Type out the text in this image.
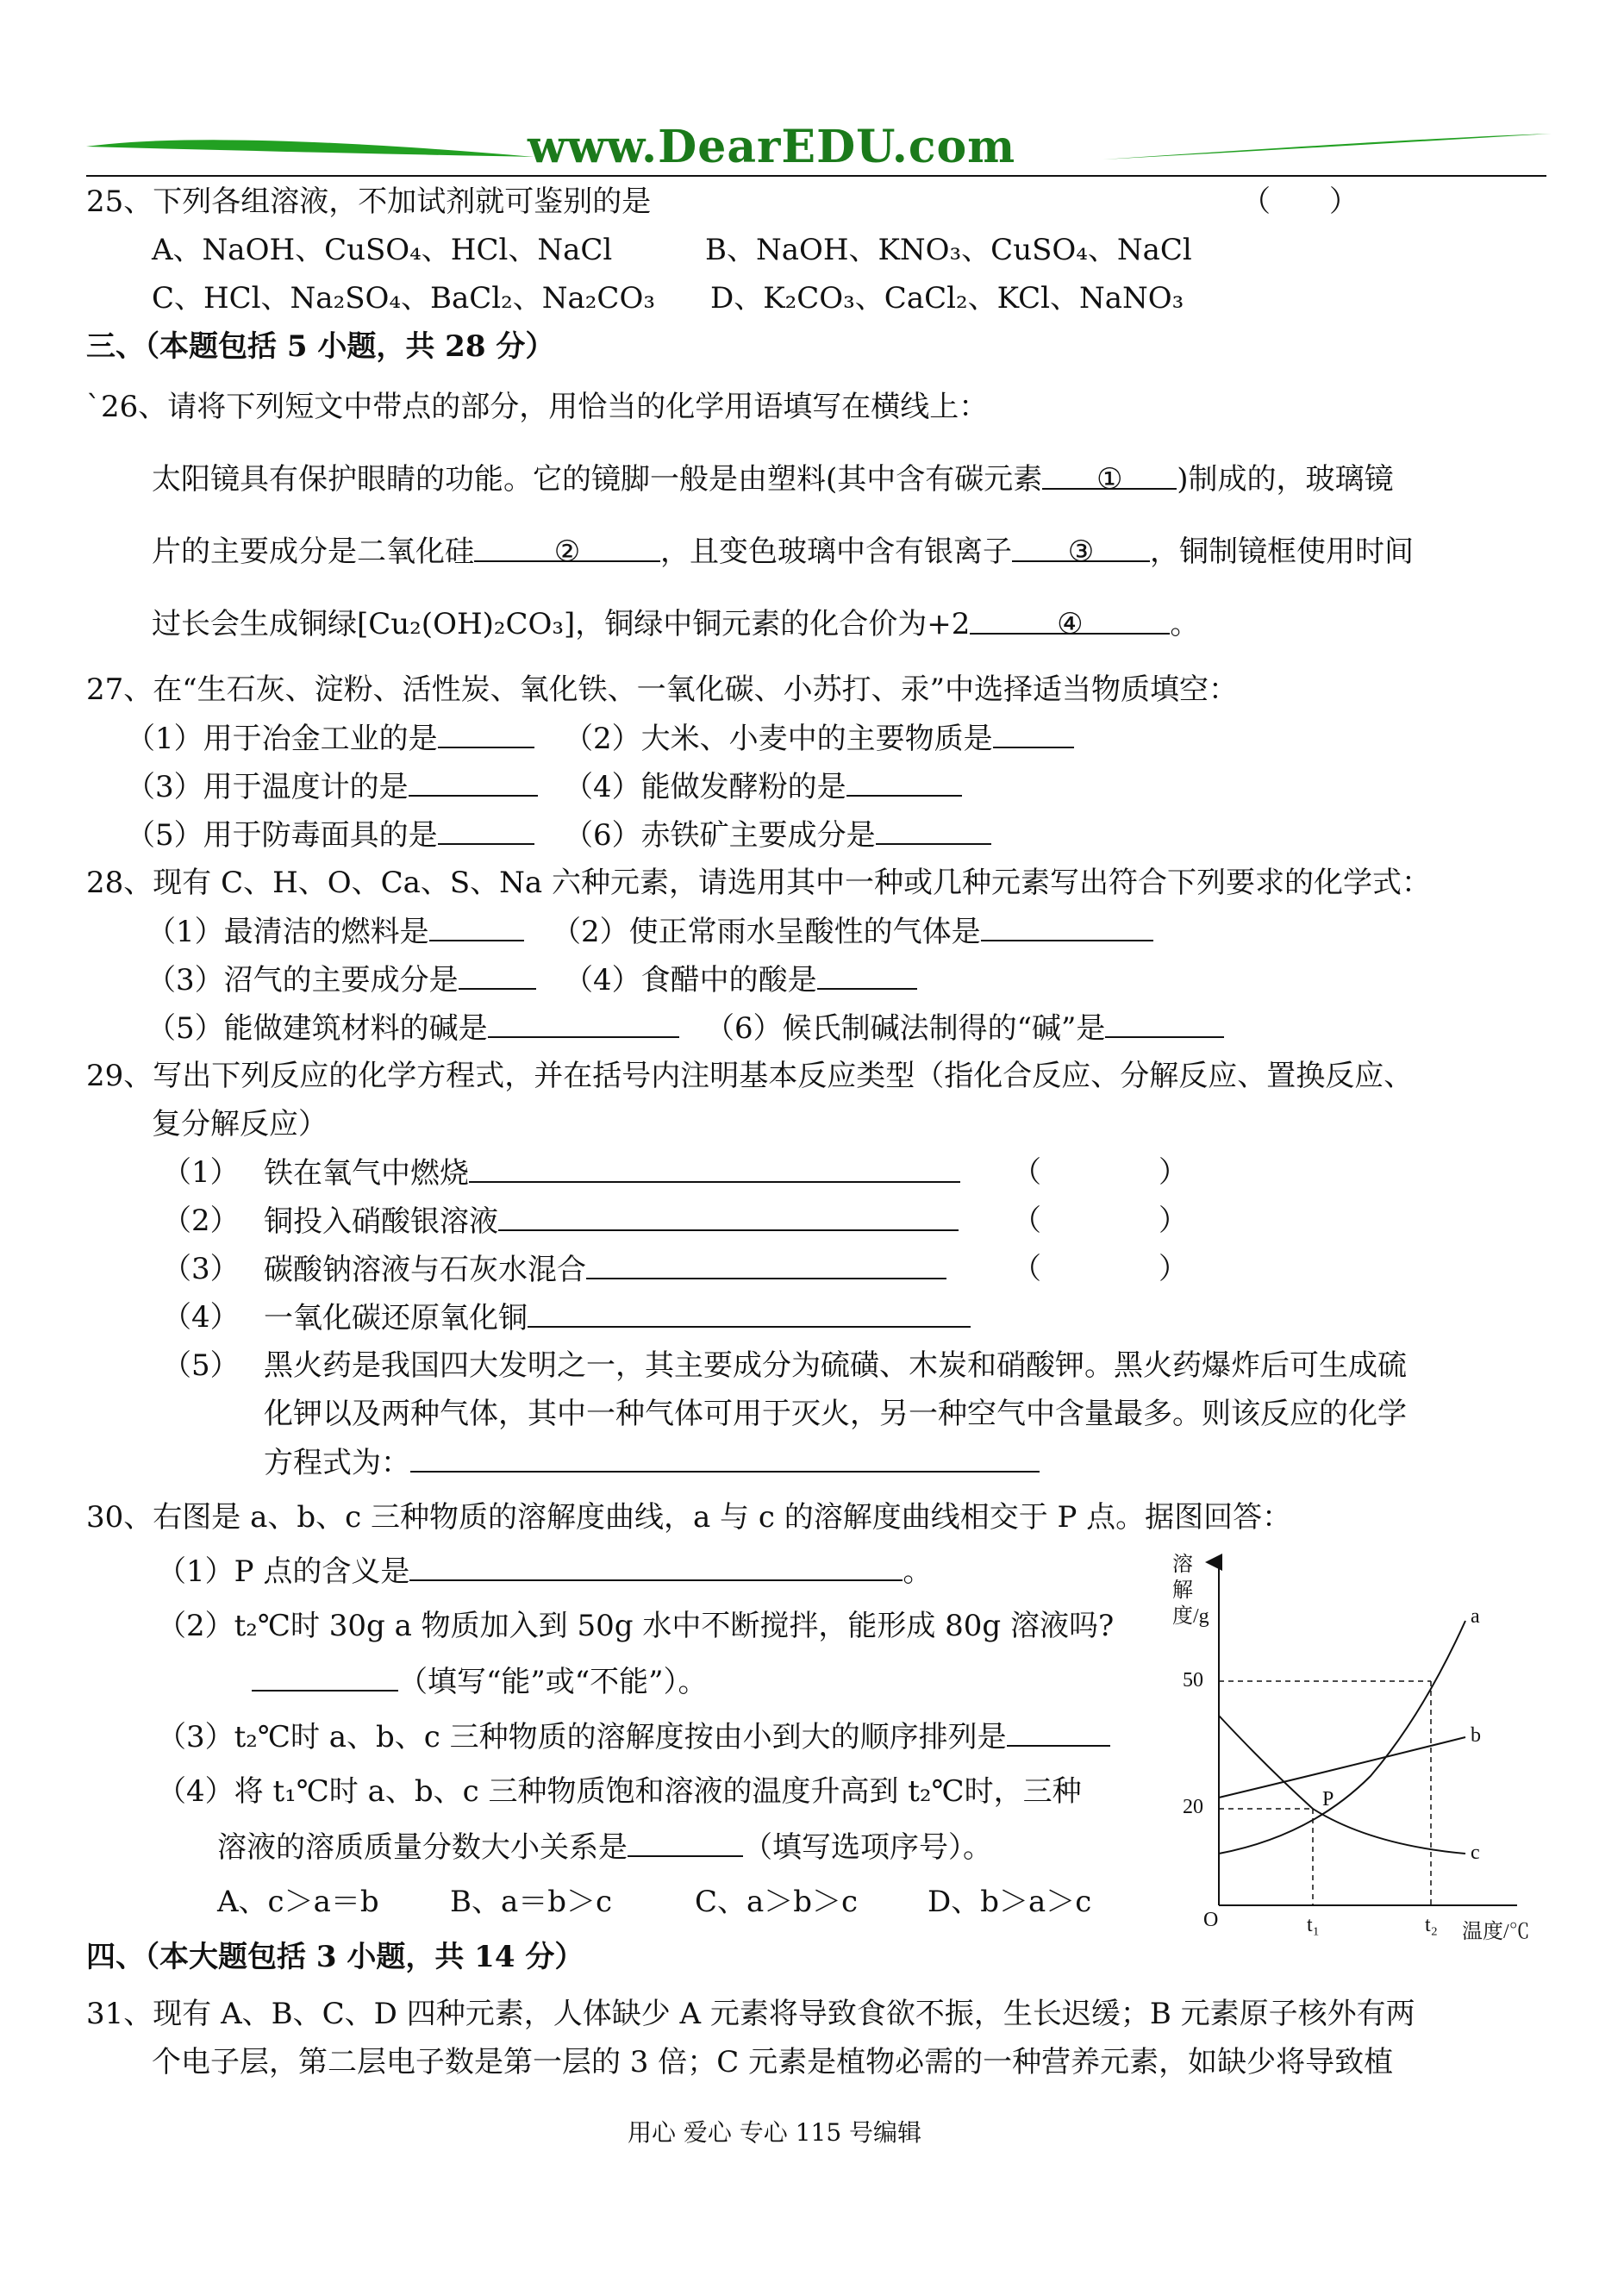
www.DearEDU.com
25、下列各组溶液，不加试剂就可鉴别的是	（　　）
A、NaOH、CuSO₄、HCl、NaCl	B、NaOH、KNO₃、CuSO₄、NaCl
C、HCl、Na₂SO₄、BaCl₂、Na₂CO₃ D、K₂CO₃、CaCl₂、KCl、NaNO₃
三、（本题包括 5 小题，共 28 分）
`26、请将下列短文中带点的部分，用恰当的化学用语填写在横线上：
太阳镜具有保护眼睛的功能。它的镜脚一般是由塑料(其中含有碳元素 ① )制成的，玻璃镜
片的主要成分是二氧化硅	②	，且变色玻璃中含有银离子 ③ ，铜制镜框使用时间
过长会生成铜绿[Cu₂(OH)₂CO₃]，铜绿中铜元素的化合价为+2	④	。
27、在“生石灰、淀粉、活性炭、氧化铁、一氧化碳、小苏打、汞”中选择适当物质填空：
（1）用于冶金工业的是	（2）大米、小麦中的主要物质是
（3）用于温度计的是	（4）能做发酵粉的是
（5）用于防毒面具的是	（6）赤铁矿主要成分是
28、现有 C、H、O、Ca、S、Na 六种元素，请选用其中一种或几种元素写出符合下列要求的化学式：
（1）最清洁的燃料是	（2）使正常雨水呈酸性的气体是
（3）沼气的主要成分是	（4）食醋中的酸是
（5）能做建筑材料的碱是	（6）候氏制碱法制得的“碱”是
29、写出下列反应的化学方程式，并在括号内注明基本反应类型（指化合反应、分解反应、置换反应、
复分解反应）
（1） 铁在氧气中燃烧	（　　　　）
（2） 铜投入硝酸银溶液	（　　　　）
（3） 碳酸钠溶液与石灰水混合	（　　　　）
（4） 一氧化碳还原氧化铜
（5） 黑火药是我国四大发明之一，其主要成分为硫磺、木炭和硝酸钾。黑火药爆炸后可生成硫
化钾以及两种气体，其中一种气体可用于灭火，另一种空气中含量最多。则该反应的化学
方程式为：
30、右图是 a、b、c 三种物质的溶解度曲线，a 与 c 的溶解度曲线相交于 P 点。据图回答：
（1）P 点的含义是	。
（2）t₂℃时 30g a 物质加入到 50g 水中不断搅拌，能形成 80g 溶液吗?
（填写“能”或“不能”）。
（3）t₂℃时 a、b、c 三种物质的溶解度按由小到大的顺序排列是
（4）将 t₁℃时 a、b、c 三种物质饱和溶液的温度升高到 t₂℃时，三种
溶液的溶质质量分数大小关系是	（填写选项序号）。
A、c＞a＝b B、a＝b＞c	C、a＞b＞c D、b＞a＞c
溶解度/g
50
20
O	t₁	t₂ 温度/℃
a
b
c
P
四、（本大题包括 3 小题，共 14 分）
31、现有 A、B、C、D 四种元素，人体缺少 A 元素将导致食欲不振，生长迟缓；B 元素原子核外有两
个电子层，第二层电子数是第一层的 3 倍；C 元素是植物必需的一种营养元素，如缺少将导致植
用心 爱心 专心 115 号编辑
